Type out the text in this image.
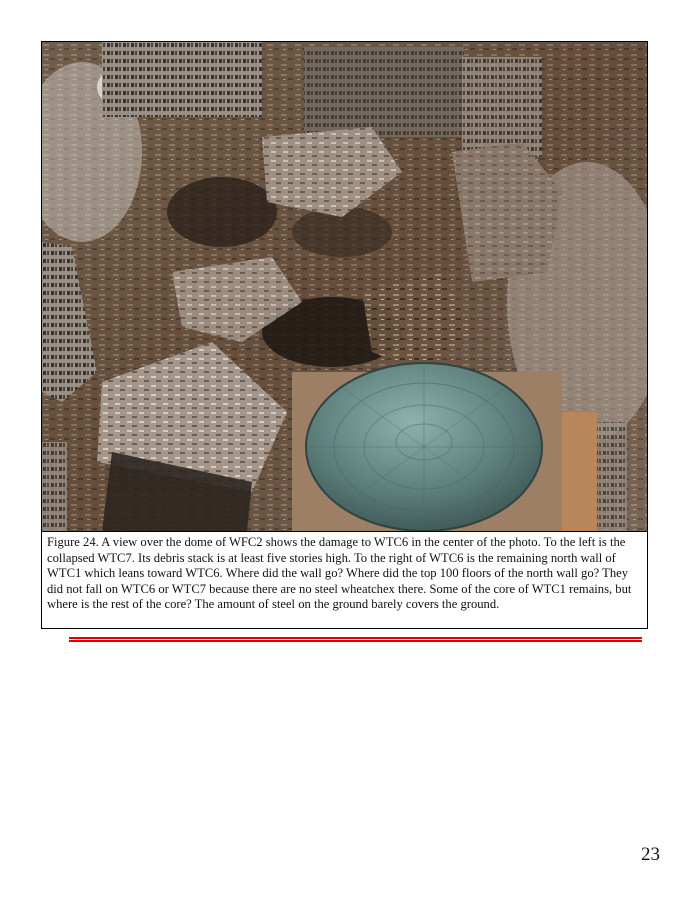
Figure 24. A view over the dome of WFC2 shows the damage to WTC6 in the center of the photo. To the left is the collapsed WTC7. Its debris stack is at least five stories high. To the right of WTC6 is the remaining north wall of WTC1 which leans toward WTC6. Where did the wall go? Where did the top 100 floors of the north wall go? They did not fall on WTC6 or WTC7 because there are no steel wheatchex there. Some of the core of WTC1 remains, but where is the rest of the core? The amount of steel on the ground barely covers the ground.
23
